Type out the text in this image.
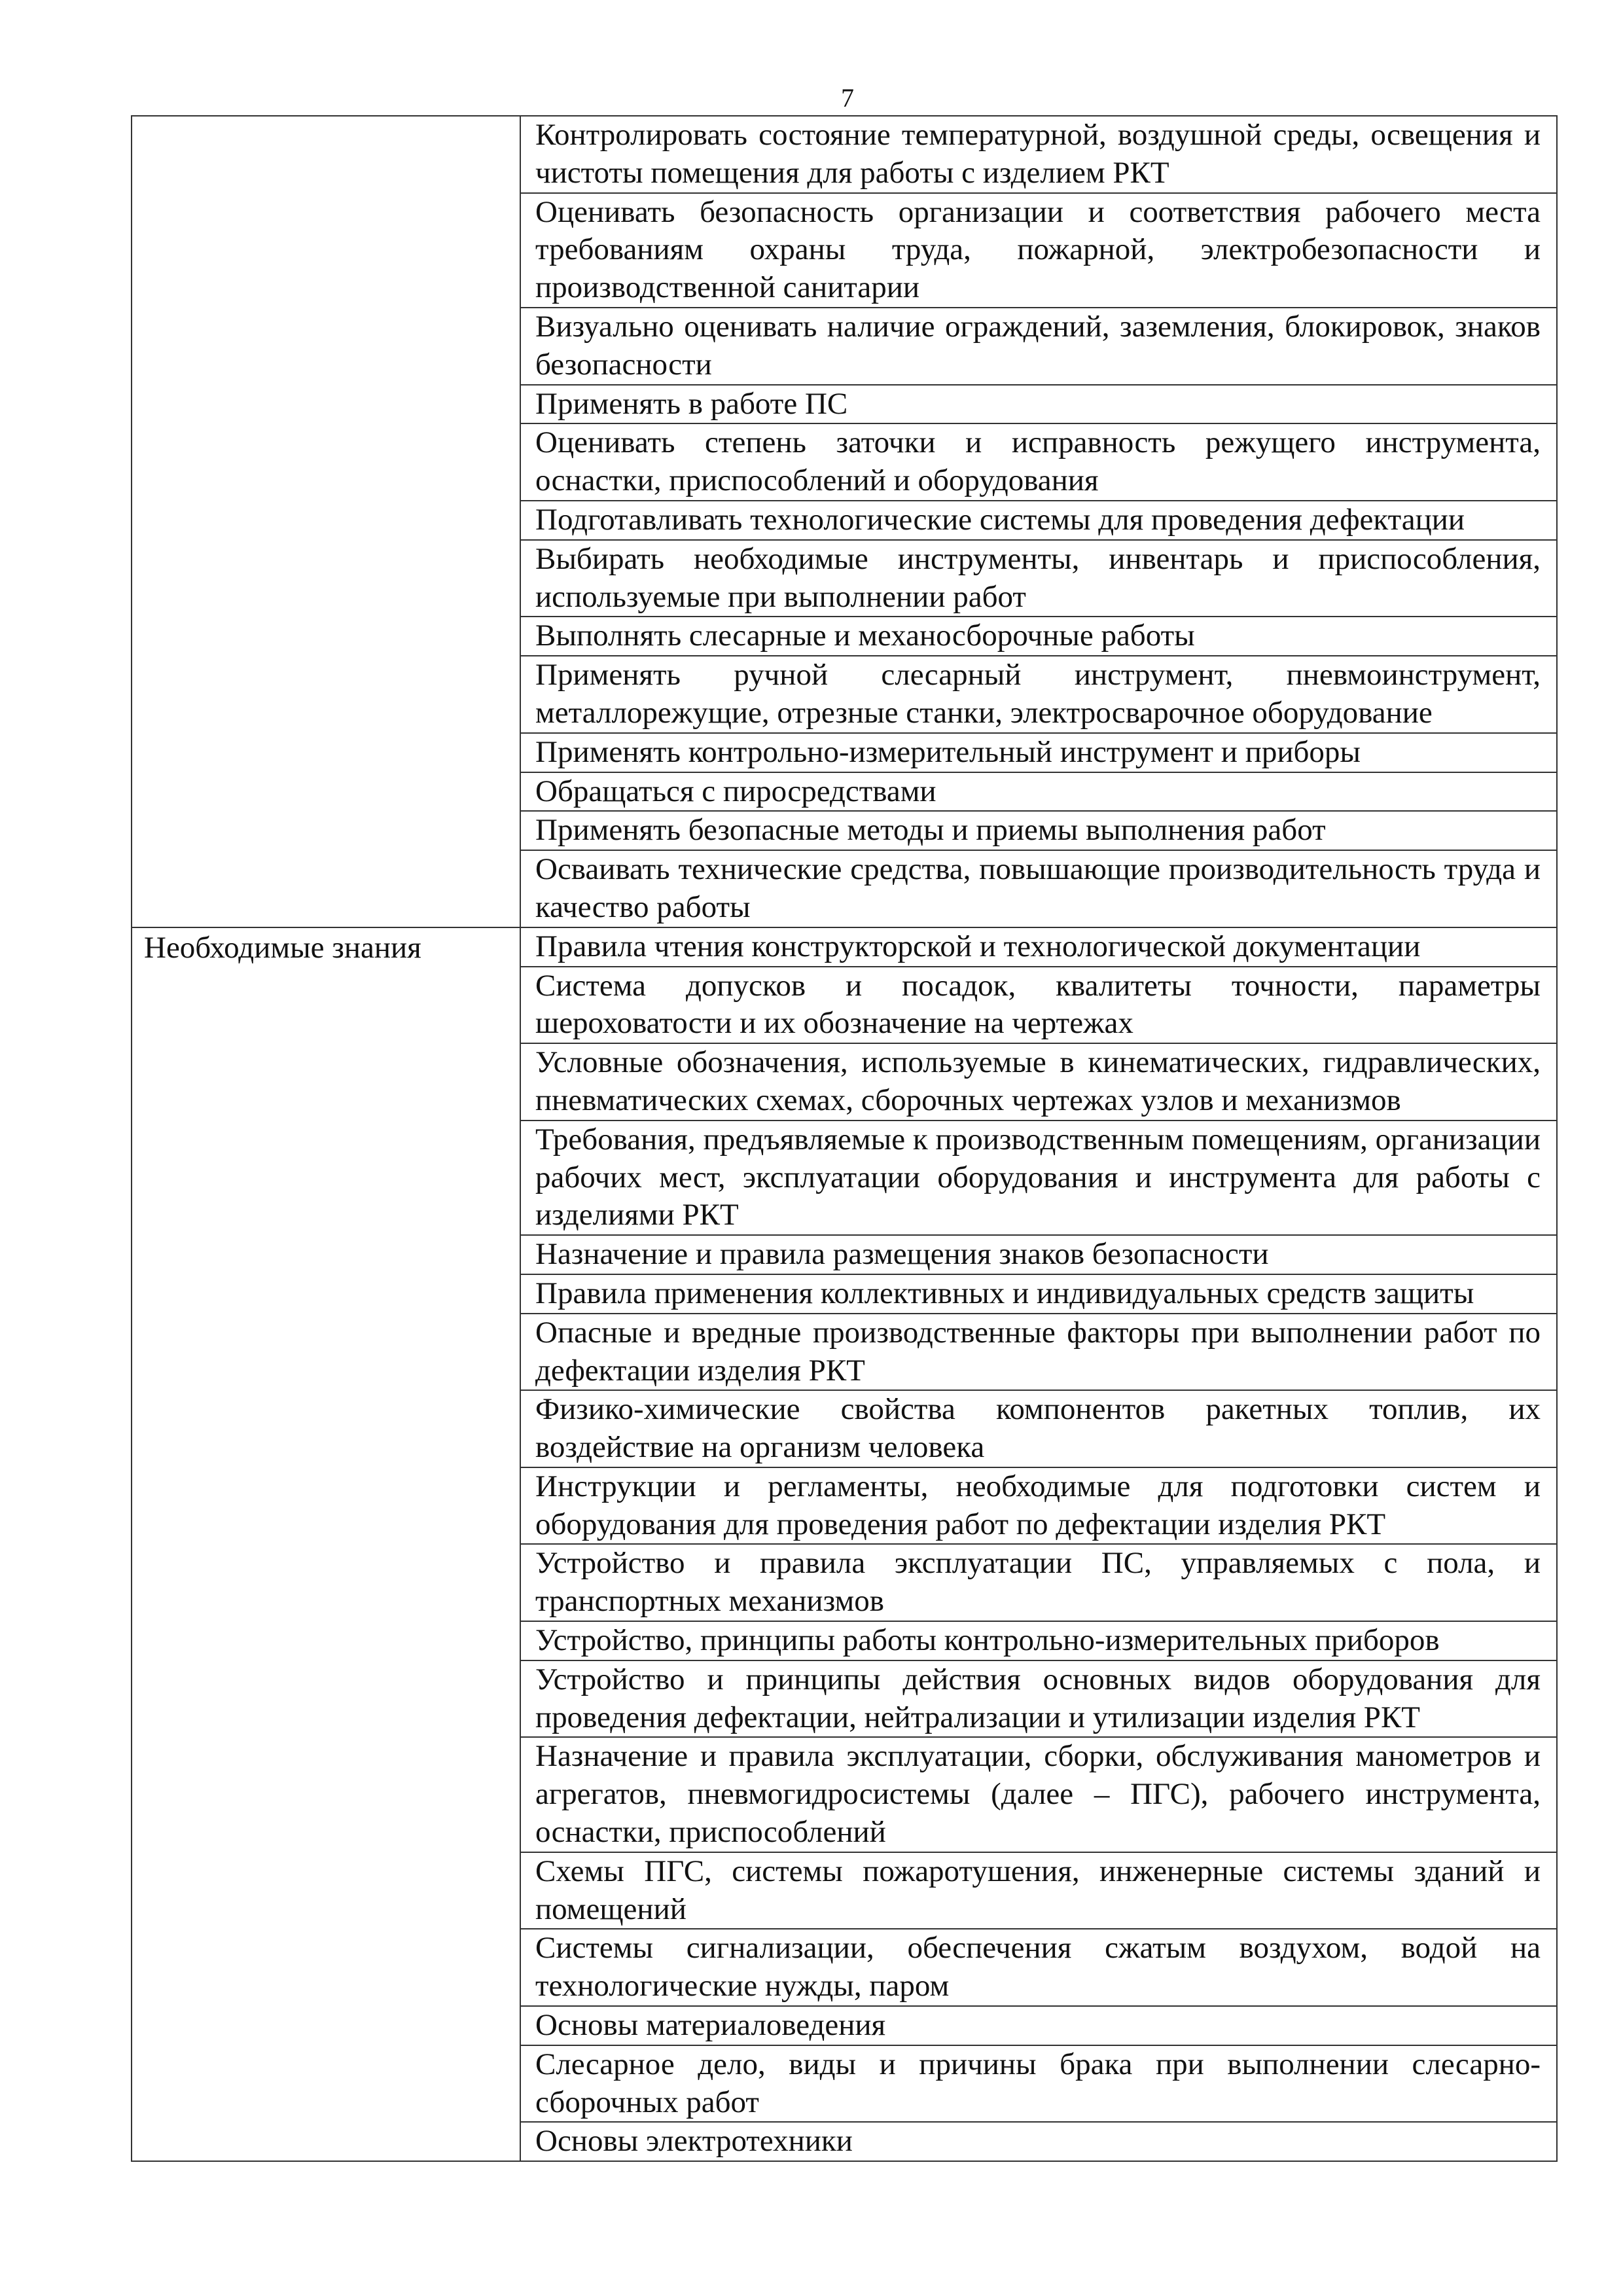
7
	Контролировать состояние температурной, воздушной среды, освещения и чистоты помещения для работы с изделием РКТ
	Оценивать безопасность организации и соответствия рабочего места требованиям охраны труда, пожарной, электробезопасности и производственной санитарии
	Визуально оценивать наличие ограждений, заземления, блокировок, знаков безопасности
	Применять в работе ПС
	Оценивать степень заточки и исправность режущего инструмента, оснастки, приспособлений и оборудования
	Подготавливать технологические системы для проведения дефектации
	Выбирать необходимые инструменты, инвентарь и приспособления, используемые при выполнении работ
	Выполнять слесарные и механосборочные работы
	Применять ручной слесарный инструмент, пневмоинструмент, металлорежущие, отрезные станки, электросварочное оборудование
	Применять контрольно-измерительный инструмент и приборы
	Обращаться с пиросредствами
	Применять безопасные методы и приемы выполнения работ
	Осваивать технические средства, повышающие производительность труда и качество работы
Необходимые знания	Правила чтения конструкторской и технологической документации
	Система допусков и посадок, квалитеты точности, параметры шероховатости и их обозначение на чертежах
	Условные обозначения, используемые в кинематических, гидравлических, пневматических схемах, сборочных чертежах узлов и механизмов
	Требования, предъявляемые к производственным помещениям, организации рабочих мест, эксплуатации оборудования и инструмента для работы с изделиями РКТ
	Назначение и правила размещения знаков безопасности
	Правила применения коллективных и индивидуальных средств защиты
	Опасные и вредные производственные факторы при выполнении работ по дефектации изделия РКТ
	Физико-химические свойства компонентов ракетных топлив, их воздействие на организм человека
	Инструкции и регламенты, необходимые для подготовки систем и оборудования для проведения работ по дефектации изделия РКТ
	Устройство и правила эксплуатации ПС, управляемых с пола, и транспортных механизмов
	Устройство, принципы работы контрольно-измерительных приборов
	Устройство и принципы действия основных видов оборудования для проведения дефектации, нейтрализации и утилизации изделия РКТ
	Назначение и правила эксплуатации, сборки, обслуживания манометров и агрегатов, пневмогидросистемы (далее – ПГС), рабочего инструмента, оснастки, приспособлений
	Схемы ПГС, системы пожаротушения, инженерные системы зданий и помещений
	Системы сигнализации, обеспечения сжатым воздухом, водой на технологические нужды, паром
	Основы материаловедения
	Слесарное дело, виды и причины брака при выполнении слесарно-сборочных работ
	Основы электротехники
